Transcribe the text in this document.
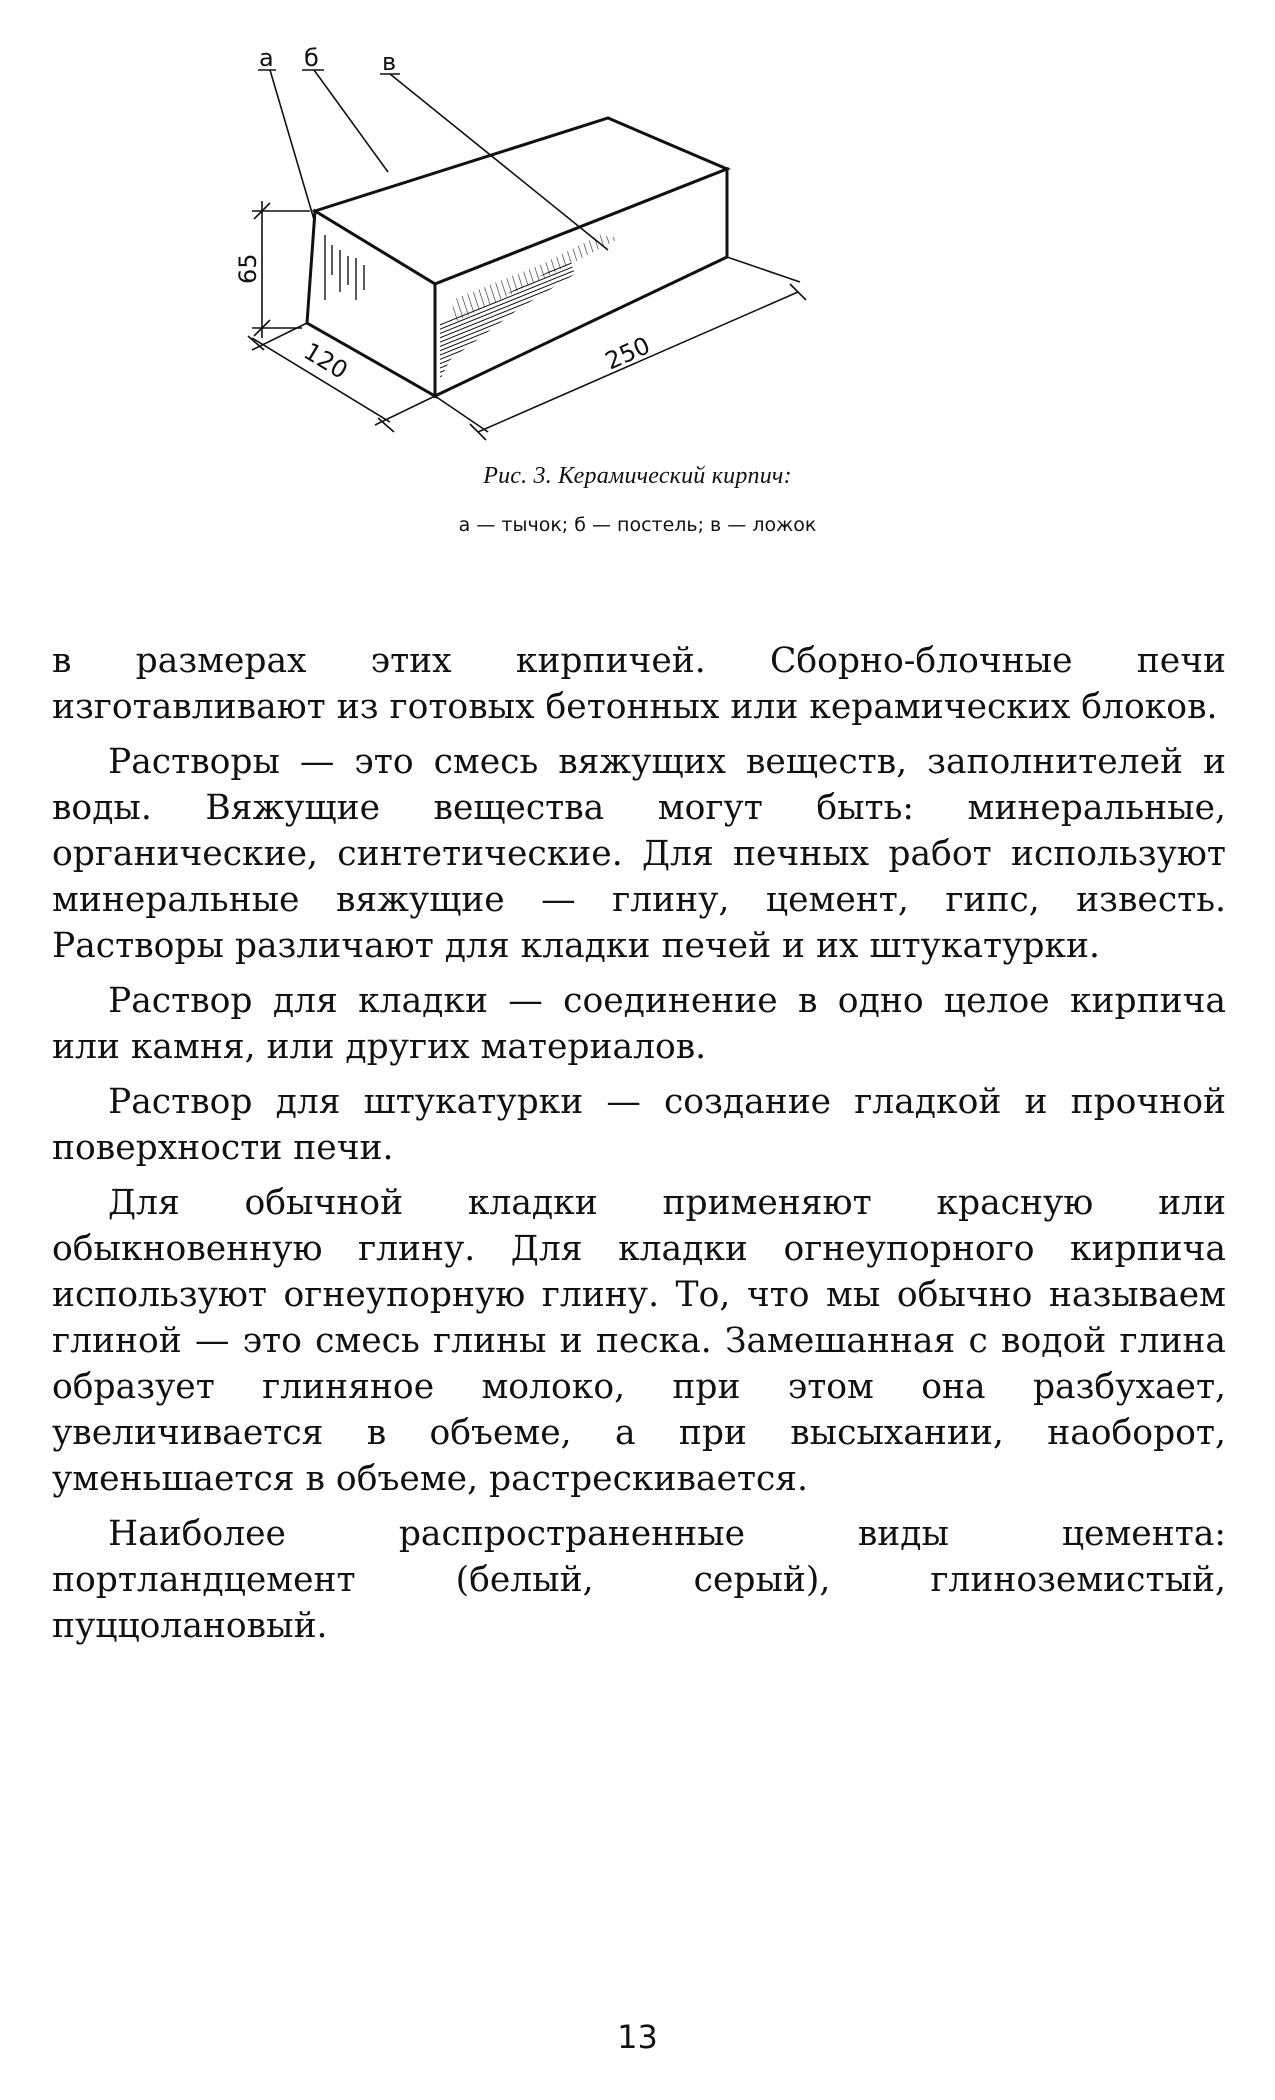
а б	в
65
120	250
Рис. 3. Керамический кирпич:
а — тычок; б — постель; в — ложок

в размерах этих кирпичей. Сборно-блочные печи изготавливают из готовых бетонных или керамических блоков.

Растворы — это смесь вяжущих веществ, заполнителей и воды. Вяжущие вещества могут быть: минеральные, органические, синтетические. Для печных работ используют минеральные вяжущие — глину, цемент, гипс, известь. Растворы различают для кладки печей и их штукатурки.

Раствор для кладки — соединение в одно целое кирпича или камня, или других материалов.

Раствор для штукатурки — создание гладкой и прочной поверхности печи.

Для обычной кладки применяют красную или обыкновенную глину. Для кладки огнеупорного кирпича используют огнеупорную глину. То, что мы обычно называем глиной — это смесь глины и песка. Замешанная с водой глина образует глиняное молоко, при этом она разбухает, увеличивается в объеме, а при высыхании, наоборот, уменьшается в объеме, растрескивается.

Наиболее распространенные виды цемента: портландцемент (белый, серый), глиноземистый, пуццолановый.

13
